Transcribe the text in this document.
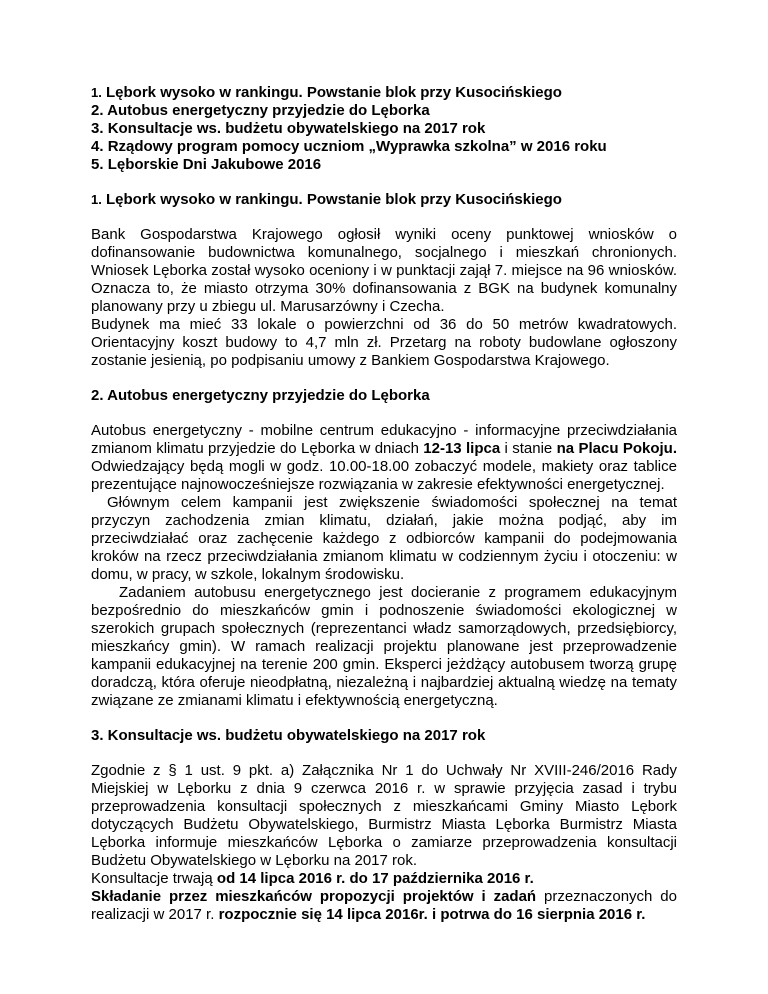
1. Lębork wysoko w rankingu. Powstanie blok przy Kusocińskiego
2. Autobus energetyczny przyjedzie do Lęborka
3. Konsultacje ws. budżetu obywatelskiego na 2017 rok
4. Rządowy program pomocy uczniom „Wyprawka szkolna” w 2016 roku
5. Lęborskie Dni Jakubowe 2016
1. Lębork wysoko w rankingu. Powstanie blok przy Kusocińskiego

Bank Gospodarstwa Krajowego ogłosił wyniki oceny punktowej wniosków o dofinansowanie budownictwa komunalnego, socjalnego i mieszkań chronionych. Wniosek Lęborka został wysoko oceniony i w punktacji zajął 7. miejsce na 96 wniosków. Oznacza to, że miasto otrzyma 30% dofinansowania z BGK na budynek komunalny planowany przy u zbiegu ul. Marusarzówny i Czecha.

Budynek ma mieć 33 lokale o powierzchni od 36 do 50 metrów kwadratowych. Orientacyjny koszt budowy to 4,7 mln zł. Przetarg na roboty budowlane ogłoszony zostanie jesienią, po podpisaniu umowy z Bankiem Gospodarstwa Krajowego.

2. Autobus energetyczny przyjedzie do Lęborka

Autobus energetyczny - mobilne centrum edukacyjno - informacyjne przeciwdziałania zmianom klimatu przyjedzie do Lęborka w dniach 12-13 lipca i stanie na Placu Pokoju. Odwiedzający będą mogli w godz. 10.00-18.00 zobaczyć modele, makiety oraz tablice prezentujące najnowocześniejsze rozwiązania w zakresie efektywności energetycznej.

Głównym celem kampanii jest zwiększenie świadomości społecznej na temat przyczyn zachodzenia zmian klimatu, działań, jakie można podjąć, aby im przeciwdziałać oraz zachęcenie każdego z odbiorców kampanii do podejmowania kroków na rzecz przeciwdziałania zmianom klimatu w codziennym życiu i otoczeniu: w domu, w pracy, w szkole, lokalnym środowisku.

Zadaniem autobusu energetycznego jest docieranie z programem edukacyjnym bezpośrednio do mieszkańców gmin i podnoszenie świadomości ekologicznej w szerokich grupach społecznych (reprezentanci władz samorządowych, przedsiębiorcy, mieszkańcy gmin). W ramach realizacji projektu planowane jest przeprowadzenie kampanii edukacyjnej na terenie 200 gmin. Eksperci jeżdżący autobusem tworzą grupę doradczą, która oferuje nieodpłatną, niezależną i najbardziej aktualną wiedzę na tematy związane ze zmianami klimatu i efektywnością energetyczną.

3. Konsultacje ws. budżetu obywatelskiego na 2017 rok

Zgodnie z § 1 ust. 9 pkt. a) Załącznika Nr 1 do Uchwały Nr XVIII-246/2016 Rady Miejskiej w Lęborku z dnia 9 czerwca 2016 r. w sprawie przyjęcia zasad i trybu przeprowadzenia konsultacji społecznych z mieszkańcami Gminy Miasto Lębork dotyczących Budżetu Obywatelskiego, Burmistrz Miasta Lęborka Burmistrz Miasta Lęborka informuje mieszkańców Lęborka o zamiarze przeprowadzenia konsultacji Budżetu Obywatelskiego w Lęborku na 2017 rok.

Konsultacje trwają od 14 lipca 2016 r. do 17 października 2016 r.

Składanie przez mieszkańców propozycji projektów i zadań przeznaczonych do realizacji w 2017 r. rozpocznie się 14 lipca 2016r. i potrwa do 16 sierpnia 2016 r.
